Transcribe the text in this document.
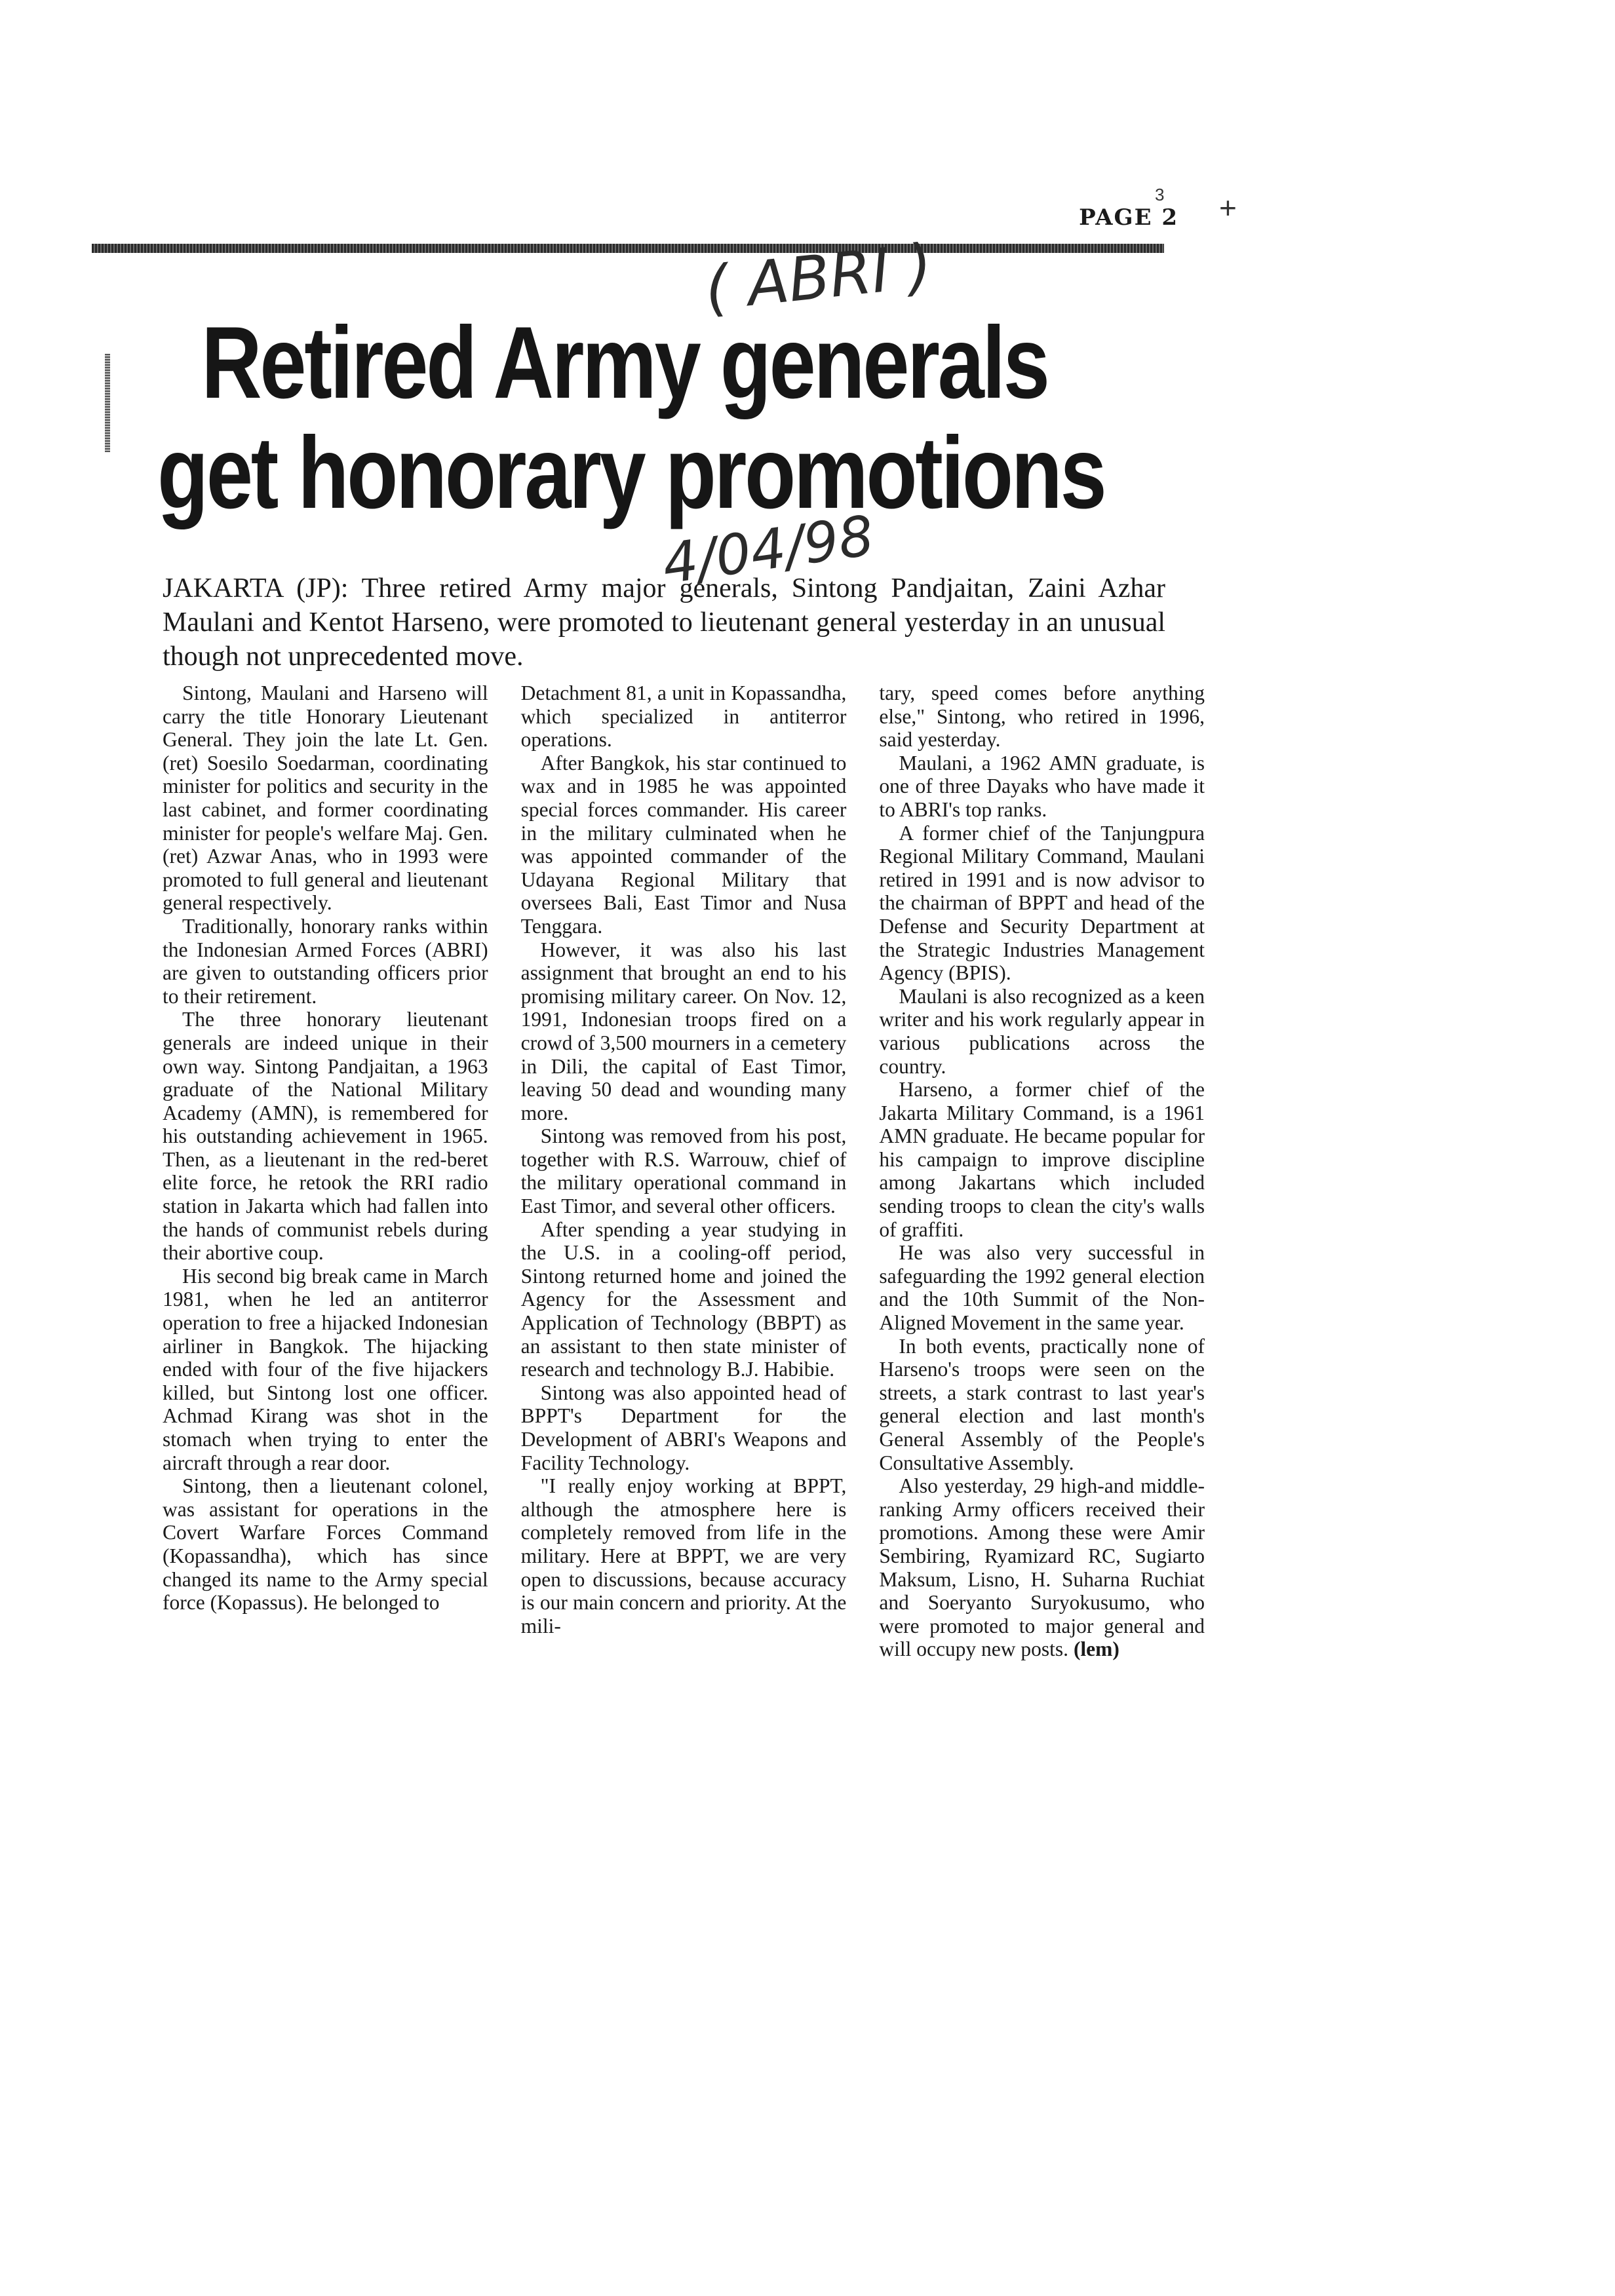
PAGE 2
3 +
( ABRI )
Retired Army generals
get honorary promotions
4/04/98

JAKARTA (JP): Three retired Army major generals, Sintong Pandjaitan, Zaini Azhar Maulani and Kentot Harseno, were promoted to lieutenant general yesterday in an unusual though not unprecedented move.

Sintong, Maulani and Harseno will carry the title Honorary Lieutenant General. They join the late Lt. Gen. (ret) Soesilo Soedarman, coordinating minister for politics and security in the last cabinet, and former coordinating minister for people's welfare Maj. Gen. (ret) Azwar Anas, who in 1993 were promoted to full general and lieutenant general respectively.

Traditionally, honorary ranks within the Indonesian Armed Forces (ABRI) are given to outstanding officers prior to their retirement.

The three honorary lieutenant generals are indeed unique in their own way. Sintong Pandjaitan, a 1963 graduate of the National Military Academy (AMN), is remembered for his outstanding achievement in 1965. Then, as a lieutenant in the red-beret elite force, he retook the RRI radio station in Jakarta which had fallen into the hands of communist rebels during their abortive coup.

His second big break came in March 1981, when he led an antiterror operation to free a hijacked Indonesian airliner in Bangkok. The hijacking ended with four of the five hijackers killed, but Sintong lost one officer. Achmad Kirang was shot in the stomach when trying to enter the aircraft through a rear door.

Sintong, then a lieutenant colonel, was assistant for operations in the Covert Warfare Forces Command (Kopassandha), which has since changed its name to the Army special force (Kopassus). He belonged to

Detachment 81, a unit in Kopassandha, which specialized in antiterror operations.

After Bangkok, his star continued to wax and in 1985 he was appointed special forces commander. His career in the military culminated when he was appointed commander of the Udayana Regional Military that oversees Bali, East Timor and Nusa Tenggara.

However, it was also his last assignment that brought an end to his promising military career. On Nov. 12, 1991, Indonesian troops fired on a crowd of 3,500 mourners in a cemetery in Dili, the capital of East Timor, leaving 50 dead and wounding many more.

Sintong was removed from his post, together with R.S. Warrouw, chief of the military operational command in East Timor, and several other officers.

After spending a year studying in the U.S. in a cooling-off period, Sintong returned home and joined the Agency for the Assessment and Application of Technology (BBPT) as an assistant to then state minister of research and technology B.J. Habibie.

Sintong was also appointed head of BPPT's Department for the Development of ABRI's Weapons and Facility Technology.

"I really enjoy working at BPPT, although the atmosphere here is completely removed from life in the military. Here at BPPT, we are very open to discussions, because accuracy is our main concern and priority. At the mili-

tary, speed comes before anything else," Sintong, who retired in 1996, said yesterday.

Maulani, a 1962 AMN graduate, is one of three Dayaks who have made it to ABRI's top ranks.

A former chief of the Tanjungpura Regional Military Command, Maulani retired in 1991 and is now advisor to the chairman of BPPT and head of the Defense and Security Department at the Strategic Industries Management Agency (BPIS).

Maulani is also recognized as a keen writer and his work regularly appear in various publications across the country.

Harseno, a former chief of the Jakarta Military Command, is a 1961 AMN graduate. He became popular for his campaign to improve discipline among Jakartans which included sending troops to clean the city's walls of graffiti.

He was also very successful in safeguarding the 1992 general election and the 10th Summit of the Non-Aligned Movement in the same year.

In both events, practically none of Harseno's troops were seen on the streets, a stark contrast to last year's general election and last month's General Assembly of the People's Consultative Assembly.

Also yesterday, 29 high-and middle-ranking Army officers received their promotions. Among these were Amir Sembiring, Ryamizard RC, Sugiarto Maksum, Lisno, H. Suharna Ruchiat and Soeryanto Suryokusumo, who were promoted to major general and will occupy new posts. (lem)
